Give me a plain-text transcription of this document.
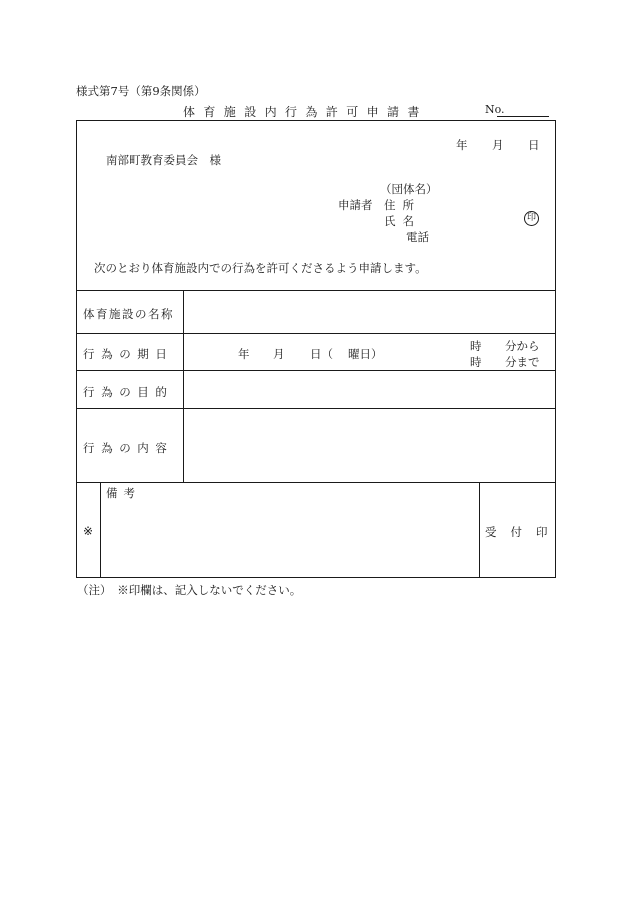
様式第7号（第9条関係）
体育施設内行為許可申請書	No.
年 月 日
南部町教育委員会　様
（団体名）
申請者 住所
氏名	印
電話
次のとおり体育施設内での行為を許可くださるよう申請します。
体育施設の名称
行為の期日
行為の目的
行為の内容
年 月 日（ 曜日）
時 分から
時 分まで
※
備考
受付印
（注）　※印欄は、記入しないでください。
